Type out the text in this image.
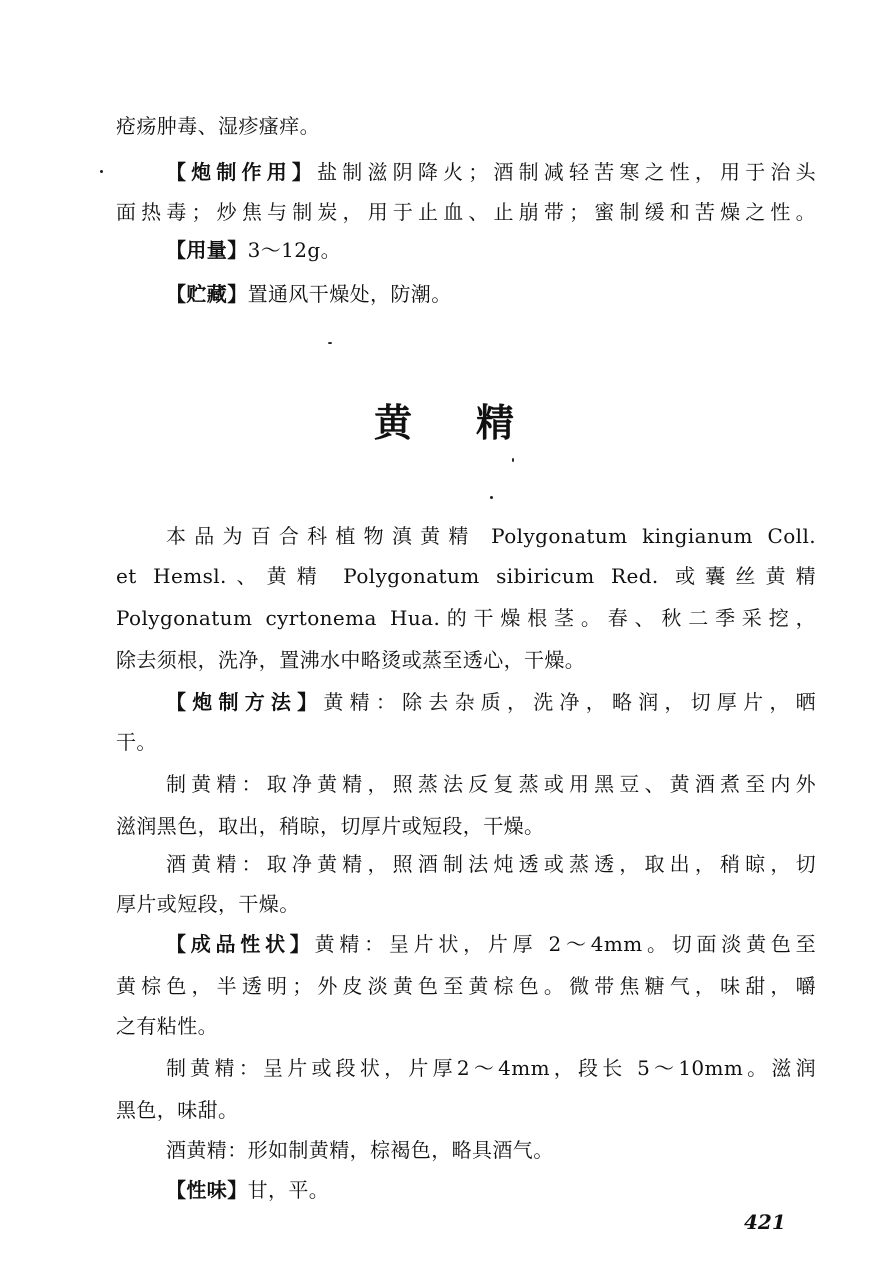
疮疡肿毒、湿疹瘙痒。
【炮制作用】盐制滋阴降火；酒制减轻苦寒之性，用于治头
面热毒；炒焦与制炭，用于止血、止崩带；蜜制缓和苦燥之性。
【用量】3～12g。
【贮藏】置通风干燥处，防潮。
黄精
本品为百合科植物滇黄精 Polygonatum kingianum Coll.
et Hemsl.、黄精 Polygonatum sibiricum Red. 或囊丝黄精
Polygonatum cyrtonema Hua.的干燥根茎。春、秋二季采挖，
除去须根，洗净，置沸水中略烫或蒸至透心，干燥。
【炮制方法】黄精：除去杂质，洗净，略润，切厚片，晒
干。
制黄精：取净黄精，照蒸法反复蒸或用黑豆、黄酒煮至内外
滋润黑色，取出，稍晾，切厚片或短段，干燥。
酒黄精：取净黄精，照酒制法炖透或蒸透，取出，稍晾，切
厚片或短段，干燥。
【成品性状】黄精：呈片状，片厚 2～4mm。切面淡黄色至
黄棕色，半透明；外皮淡黄色至黄棕色。微带焦糖气，味甜，嚼
之有粘性。
制黄精：呈片或段状，片厚2～4mm，段长 5～10mm。滋润
黑色，味甜。
酒黄精：形如制黄精，棕褐色，略具酒气。
【性味】甘，平。
421
